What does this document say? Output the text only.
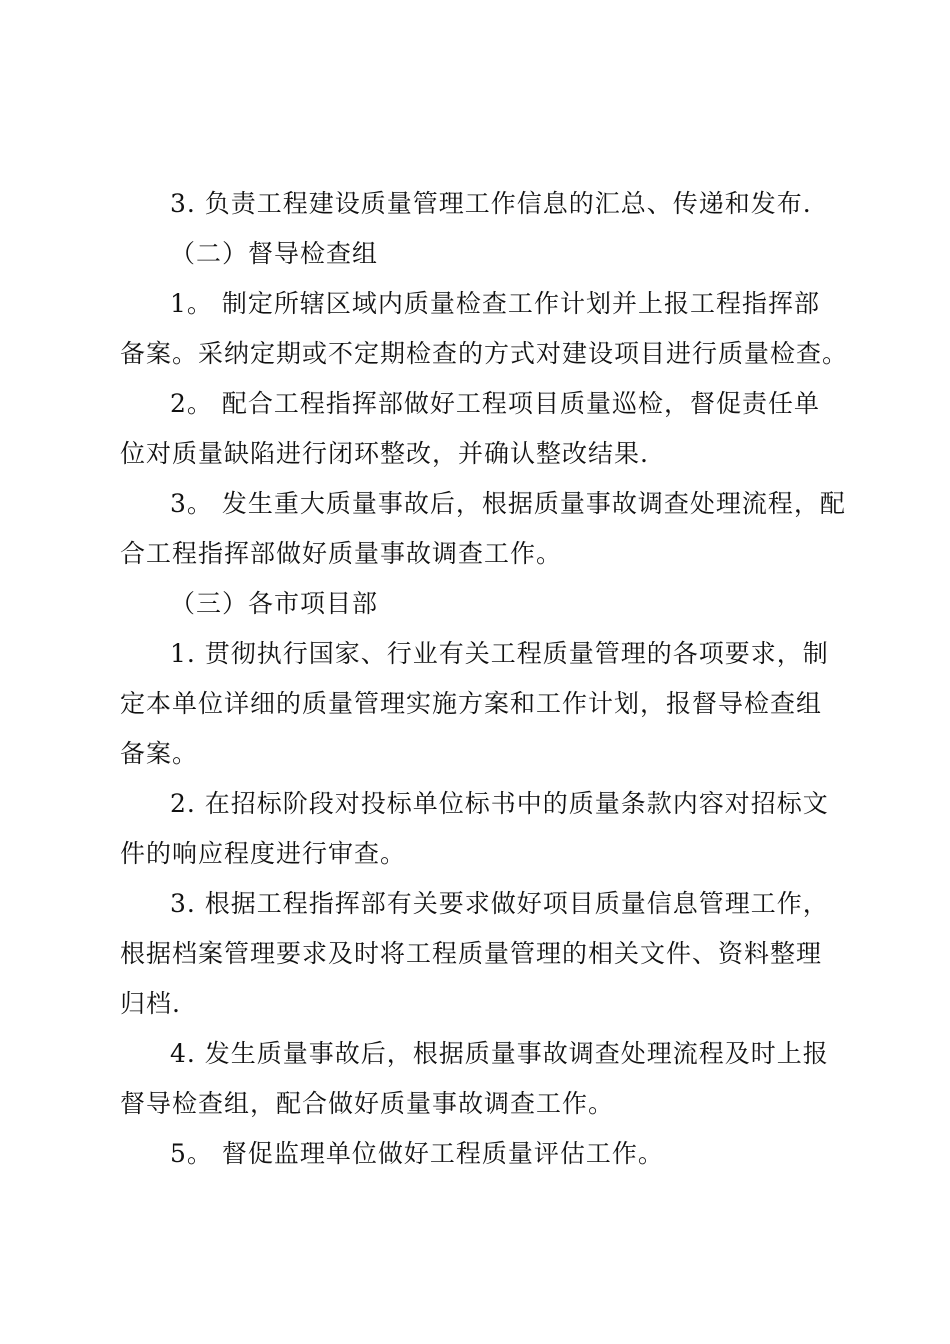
3. 负责工程建设质量管理工作信息的汇总、传递和发布.
（二）督导检查组
1。 制定所辖区域内质量检查工作计划并上报工程指挥部
备案。采纳定期或不定期检查的方式对建设项目进行质量检查。
2。 配合工程指挥部做好工程项目质量巡检，督促责任单
位对质量缺陷进行闭环整改，并确认整改结果.
3。 发生重大质量事故后，根据质量事故调查处理流程，配
合工程指挥部做好质量事故调查工作。
（三）各市项目部
1. 贯彻执行国家、行业有关工程质量管理的各项要求，制
定本单位详细的质量管理实施方案和工作计划，报督导检查组
备案。
2. 在招标阶段对投标单位标书中的质量条款内容对招标文
件的响应程度进行审查。
3. 根据工程指挥部有关要求做好项目质量信息管理工作，
根据档案管理要求及时将工程质量管理的相关文件、资料整理
归档.
4. 发生质量事故后，根据质量事故调查处理流程及时上报
督导检查组，配合做好质量事故调查工作。
5。 督促监理单位做好工程质量评估工作。
